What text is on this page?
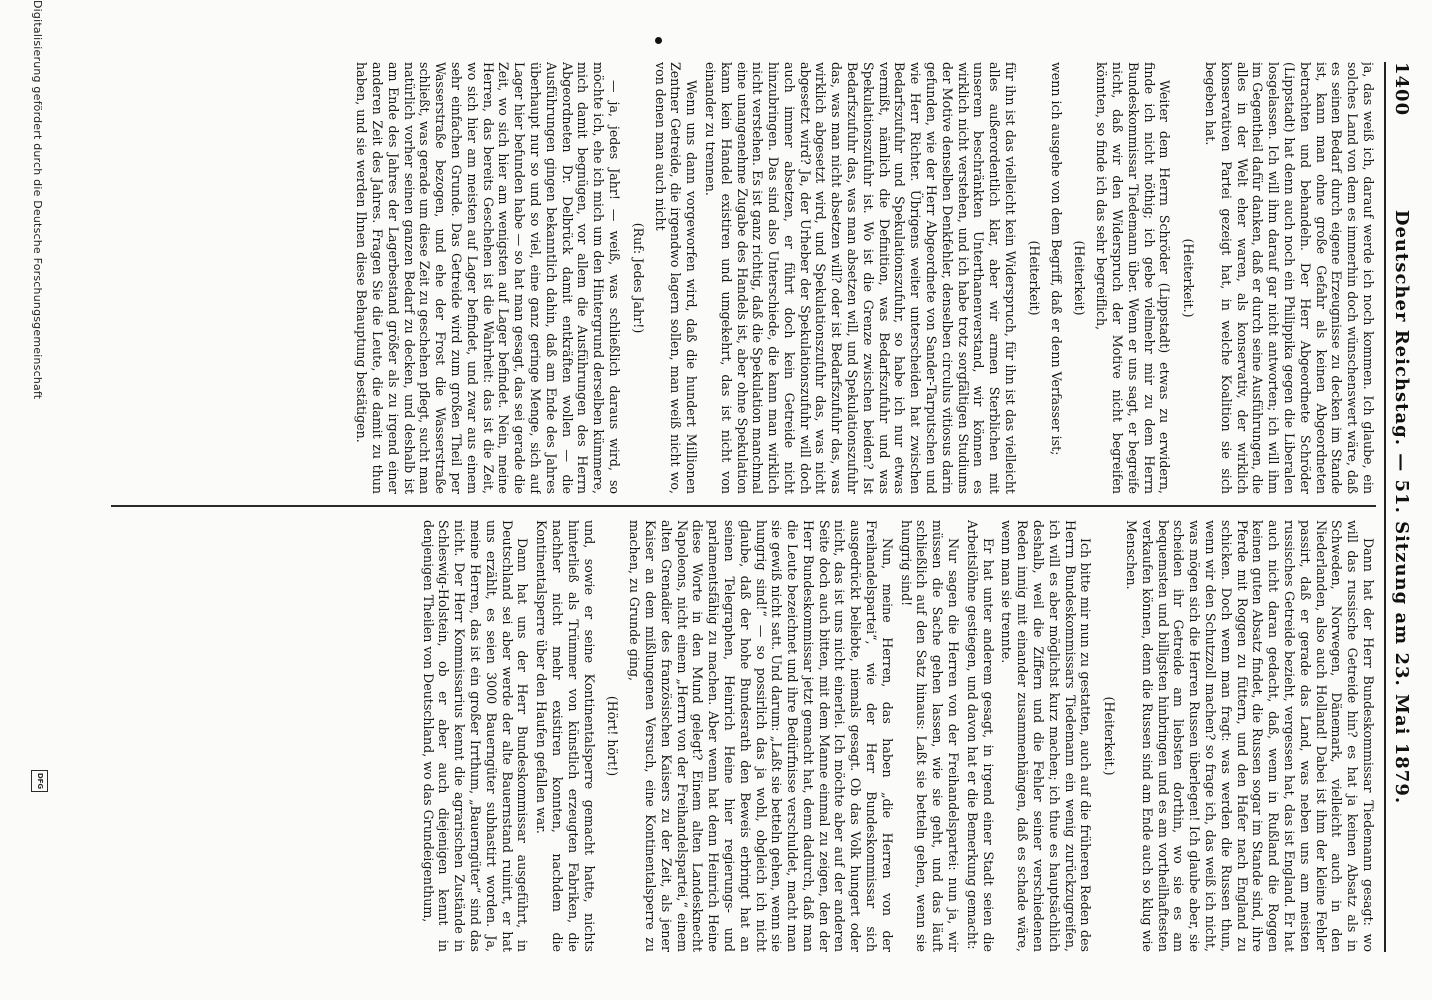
1400
Deutscher Reichstag. — 51. Sitzung am 23. Mai 1879.

ja, das weiß ich, darauf werde ich noch kommen. Ich glaube, ein solches Land von dem es immerhin doch wünschenswert wäre, daß es seinen Bedarf durch eigene Erzeugnisse zu decken im Stande ist, kann man ohne große Gefahr als keinen Abgeordneten betrachten und behandeln. Der Herr Abgeordnete Schröder (Lippstadt) hat denn auch noch ein Philippika gegen die Liberalen losgelassen. Ich will ihm darauf gar nicht antworten; ich will ihm im Gegentheil dafür danken, daß er durch seine Ausführungen, die alles in der Welt eher waren, als konservativ, der wirklich konservativen Partei gezeigt hat, in welche Koalition sie sich begeben hat.

(Heiterkeit.)

Weiter dem Herrn Schröder (Lippstadt) etwas zu erwidern, finde ich nicht nöthig; ich gebe vielmehr mir zu dem Herrn Bundeskommissar Tiedemann über. Wenn er uns sagt, er begreife nicht, daß wir den Widerspruch der Motive nicht begreifen könnten, so finde ich das sehr begreiflich,

(Heiterkeit)

wenn ich ausgehe von dem Begriff, daß er denn Verfasser ist;

(Heiterkeit)

für ihn ist das vielleicht kein Widerspruch, für ihn ist das vielleicht alles außerordentlich klar, aber wir armen Sterblichen mit unserem beschränkten Unterthanenverstand, wir können es wirklich nicht verstehen, und ich habe trotz sorgfältigen Studiums der Motive denselben Denkfehler, denselben circulus vitiosus darin gefunden, wie der Herr Abgeordnete von Sander-Tarputschen und wie Herr Richter. Übrigens weiter unterscheiden hat zwischen Bedarfszufuhr und Spekulationszufuhr, so habe ich nur etwas vermißt, nämlich die Definition, was Bedarfszufuhr und was Spekulationszufuhr ist. Wo ist die Grenze zwischen beiden? Ist Bedarfszufuhr das, was man absetzen will, und Spekulationszufuhr das, was man nicht absetzen will? oder ist Bedarfszufuhr das, was wirklich abgesetzt wird, und Spekulationszufuhr das, was nicht abgesetzt wird? Ja, der Urheber der Spekulationszufuhr will doch auch immer absetzen, er führt doch kein Getreide nicht hinzubringen. Das sind also Unterschiede, die kann man wirklich nicht verstehen. Es ist ganz richtig, daß die Spekulation manchmal eine unangenehme Zugabe des Handels ist, aber ohne Spekulation kann kein Handel existiren und umgekehrt, das ist nicht von einander zu trennen.

Wenn uns dann vorgeworfen wird, daß die hundert Millionen Zentner Getreide, die irgendwo lagern sollen, man weiß nicht wo, von denen man auch nicht

(Ruf: Jedes Jahr!)

— ja, jedes Jahr! — weiß, was schließlich daraus wird, so möchte ich, ehe ich mich um den Hintergrund derselben kümmere, mich damit begnügen, vor allem die Ausführungen des Herrn Abgeordneten Dr. Delbrück damit entkräften wollen — die Ausführungen gingen bekanntlich dahin, daß am Ende des Jahres überhaupt nur so und so viel, eine ganz geringe Menge, sich auf Lager hier befunden habe — so hat man gesagt, das sei gerade die Zeit, wo sich hier am wenigsten auf Lager befindet. Nein, meine Herren, das bereits Geschehen ist die Wahrheit: das ist die Zeit, wo sich hier am meisten auf Lager befindet, und zwar aus einem sehr einfachen Grunde. Das Getreide wird zum großen Theil per Wasserstraße bezogen, und ehe der Frost die Wasserstraße schließt, was gerade um diese Zeit zu geschehen pflegt, sucht man natürlich vorher seinen ganzen Bedarf zu decken, und deshalb ist am Ende des Jahres der Lagerbestand größer als zu irgend einer anderen Zeit des Jahres. Fragen Sie die Leute, die damit zu thun haben, und sie werden Ihnen diese Behauptung bestätigen.

Dann hat der Herr Bundeskommissar Tiedemann gesagt: wo will das russische Getreide hin? es hat ja keinen Absatz als in Schweden, Norwegen, Dänemark, vielleicht auch in den Niederlanden, also auch Holland! Dabei ist ihm der kleine Fehler passirt, daß er gerade das Land, was neben uns am meisten russisches Getreide bezieht, vergessen hat, das ist England. Er hat auch nicht daran gedacht, daß, wenn in Rußland die Roggen keinen guten Absatz findet, die Russen sogar im Stande sind, ihre Pferde mit Roggen zu füttern, und den Hafer nach England zu schicken. Doch wenn man fragt: was werden die Russen thun, wenn wir den Schutzzoll machen? so frage ich, das weiß ich nicht, was mögen sich die Herren Russen überlegen! Ich glaube aber, sie scheiden ihr Getreide am liebsten dorthin, wo sie es am bequemsten und billigsten hinbringen und es am vortheilhaftesten verkaufen können, denn die Russen sind am Ende auch so klug wie Menschen.

(Heiterkeit.)

Ich bitte mir nun zu gestatten, auch auf die früheren Reden des Herrn Bundeskommissars Tiedemann ein wenig zurückzugreifen, ich will es aber möglichst kurz machen; ich thue es hauptsächlich deshalb, weil die Ziffern und die Fehler seiner verschiedenen Reden innig mit einander zusammenhängen, daß es schade wäre, wenn man sie trennte.

Er hat unter anderem gesagt, in irgend einer Stadt seien die Arbeitslöhne gestiegen, und davon hat er die Bemerkung gemacht:

Nur sagen die Herren von der Freihandelspartei: nun ja, wir müssen die Sache gehen lassen, wie sie geht, und das läuft schließlich auf den Satz hinaus: Laßt sie betteln gehen, wenn sie hungrig sind!

Nun, meine Herren, das haben „die Herren von der Freihandelspartei“, wie der Herr Bundeskommissar sich ausgedrückt beliebte, niemals gesagt. Ob das Volk hungert oder nicht, das ist uns nicht einerlei. Ich möchte aber auf der anderen Seite doch auch bitten, mit dem Manne einmal zu zeigen, den der Herr Bundeskommissar jetzt gemacht hat, denn dadurch, daß man die Leute bezeichnet und ihre Bedürfnisse verschuldet, macht man sie gewiß nicht satt. Und darum: „Laßt sie betteln gehen, wenn sie hungrig sind!“ — so possirlich das ja wohl, obgleich ich nicht glaube, daß der hohe Bundesrath den Beweis erbringt hat an seinen Telegraphen, Heinrich Heine hier regierungs- und parlamentsfähig zu machen. Aber wenn hat denn Heinrich Heine diese Worte in den Mund gelegt? Einem alten Landesknecht Napoleons, nicht einem „Herrn von der Freihandelspartei,“ einem alten Grenadier des französischen Kaisers zu der Zeit, als jener Kaiser an dem mißlungenen Versuch, eine Kontinentalsperre zu machen, zu Grunde ging,

(Hört! hört!)

und, sowie er seine Kontinentalsperre gemacht hatte, nichts hinterließ als Trümmer von künstlich erzeugten Fabriken, die nachher nicht mehr existiren konnten, nachdem die Kontinentalsperre über den Haufen gefallen war.

Dann hat uns der Herr Bundeskommissar ausgeführt, in Deutschland sei aber werde der alte Bauernstand ruinirt, er hat uns erzählt, es seien 3000 Bauerngüter subhastirt worden. Ja, meine Herren, das ist ein großer Irrthum, „Bauerngüter“ sind das nicht. Der Herr Kommissarius kennt die agrarischen Zustände in Schleswig-Holstein, ob er aber auch diejenigen kennt in denjenigen Theilen von Deutschland, wo das Grundeigenthum,

Digitalisierung gefördert durch die Deutsche Forschungsgemeinschaft
DFG
